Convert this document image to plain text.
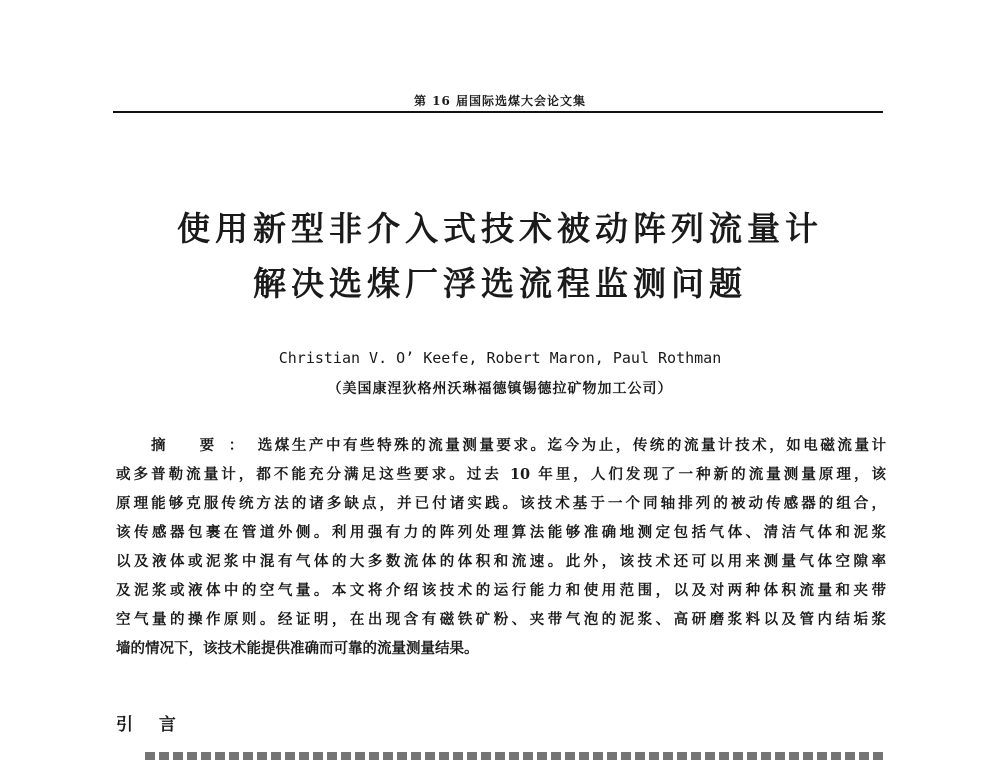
第 16 届国际选煤大会论文集
使用新型非介入式技术被动阵列流量计
解决选煤厂浮选流程监测问题
Christian V. O’ Keefe, Robert Maron, Paul Rothman
（美国康涅狄格州沃琳福德镇锡德拉矿物加工公司）
摘 要：选煤生产中有些特殊的流量测量要求。迄今为止，传统的流量计技术，如电磁流量计
或多普勒流量计，都不能充分满足这些要求。过去 10 年里，人们发现了一种新的流量测量原理，该
原理能够克服传统方法的诸多缺点，并已付诸实践。该技术基于一个同轴排列的被动传感器的组合，
该传感器包裹在管道外侧。利用强有力的阵列处理算法能够准确地测定包括气体、清洁气体和泥浆
以及液体或泥浆中混有气体的大多数流体的体积和流速。此外，该技术还可以用来测量气体空隙率
及泥浆或液体中的空气量。本文将介绍该技术的运行能力和使用范围，以及对两种体积流量和夹带
空气量的操作原则。经证明，在出现含有磁铁矿粉、夹带气泡的泥浆、高研磨浆料以及管内结垢浆
墙的情况下，该技术能提供准确而可靠的流量测量结果。
引 言
